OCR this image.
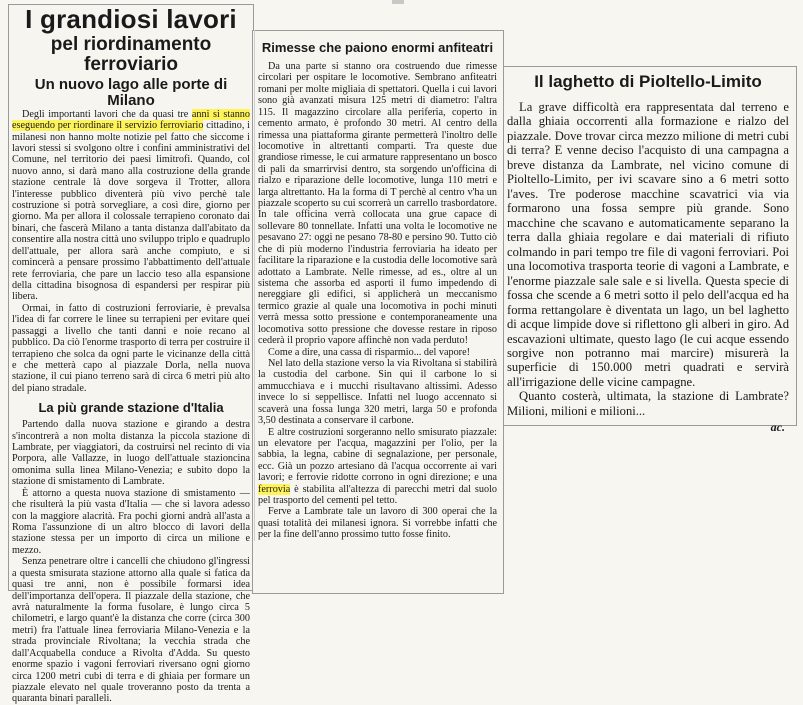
I grandiosi lavori
pel riordinamento ferroviario
Un nuovo lago alle porte di Milano

Degli importanti lavori che da quasi tre anni si stanno eseguendo per riordinare il servizio ferroviario cittadino, i milanesi non hanno molte notizie pel fatto che siccome i lavori stessi si svolgono oltre i confini amministrativi del Comune, nel territorio dei paesi limitrofi. Quando, col nuovo anno, si darà mano alla costruzione della grande stazione centrale là dove sorgeva il Trotter, allora l'interesse pubblico diventerà più vivo perchè tale costruzione si potrà sorvegliare, a così dire, giorno per giorno. Ma per allora il colossale terrapieno coronato dai binari, che fascerà Milano a tanta distanza dall'abitato da consentire alla nostra città uno sviluppo triplo e quadruplo dell'attuale, per allora sarà anche compiuto, e si comincerà a pensare prossimo l'abbattimento dell'attuale rete ferroviaria, che pare un laccio teso alla espansione della cittadina bisognosa di espandersi per respirar più libera.

Ormai, in fatto di costruzioni ferroviarie, è prevalsa l'idea di far correre le linee su terrapieni per evitare quei passaggi a livello che tanti danni e noie recano al pubblico. Da ciò l'enorme trasporto di terra per costruire il terrapieno che solca da ogni parte le vicinanze della città e che metterà capo al piazzale Dorla, nella nuova stazione, il cui piano terreno sarà di circa 6 metri più alto del piano stradale.

La più grande stazione d'Italia

Partendo dalla nuova stazione e girando a destra s'incontrerà a non molta distanza la piccola stazione di Lambrate, per viaggiatori, da costruirsi nel recinto di via Porpora, alle Vallazze, in luogo dell'attuale stazioncina omonima sulla linea Milano-Venezia; e subito dopo la stazione di smistamento di Lambrate.

È attorno a questa nuova stazione di smistamento — che risulterà la più vasta d'Italia — che si lavora adesso con la maggiore alacrità. Fra pochi giorni andrà all'asta a Roma l'assunzione di un altro blocco di lavori della stazione stessa per un importo di circa un milione e mezzo.

Senza penetrare oltre i cancelli che chiudono gl'ingressi a questa smisurata stazione attorno alla quale si fatica da quasi tre anni, non è possibile formarsi idea dell'importanza dell'opera. Il piazzale della stazione, che avrà naturalmente la forma fusolare, è lungo circa 5 chilometri, e largo quant'è la distanza che corre (circa 300 metri) fra l'attuale linea ferroviaria Milano-Venezia e la strada provinciale Rivoltana; la vecchia strada che dall'Acquabella conduce a Rivolta d'Adda. Su questo enorme spazio i vagoni ferroviari riversano ogni giorno circa 1200 metri cubi di terra e di ghiaia per formare un piazzale elevato nel quale troveranno posto da trenta a quaranta binari paralleli.

Rimesse che paiono enormi anfiteatri

Da una parte si stanno ora costruendo due rimesse circolari per ospitare le locomotive. Sembrano anfiteatri romani per molte migliaia di spettatori. Quella i cui lavori sono già avanzati misura 125 metri di diametro: l'altra 115. Il magazzino circolare alla periferia, coperto in cemento armato, è profondo 30 metri. Al centro della rimessa una piattaforma girante permetterà l'inoltro delle locomotive in altrettanti comparti. Tra queste due grandiose rimesse, le cui armature rappresentano un bosco di pali da smarrirvisi dentro, sta sorgendo un'officina di rialzo e riparazione delle locomotive, lunga 110 metri e larga altrettanto. Ha la forma di T perchè al centro v'ha un piazzale scoperto su cui scorrerà un carrello trasbordatore. In tale officina verrà collocata una grue capace di sollevare 80 tonnellate. Infatti una volta le locomotive ne pesavano 27: oggi ne pesano 78-80 e persino 90. Tutto ciò che di più moderno l'industria ferroviaria ha ideato per facilitare la riparazione e la custodia delle locomotive sarà adottato a Lambrate. Nelle rimesse, ad es., oltre al un sistema che assorba ed asporti il fumo impedendo di nereggiare gli edifici, si applicherà un meccanismo termico grazie al quale una locomotiva in pochi minuti verrà messa sotto pressione e contemporaneamente una locomotiva sotto pressione che dovesse restare in riposo cederà il proprio vapore affinchè non vada perduto!

Come a dire, una cassa di risparmio... del vapore!

Nel lato della stazione verso la via Rivoltana si stabilirà la custodia del carbone. Sin qui il carbone lo si ammucchiava e i mucchi risultavano altissimi. Adesso invece lo si seppellisce. Infatti nel luogo accennato si scaverà una fossa lunga 320 metri, larga 50 e profonda 3,50 destinata a conservare il carbone.

E altre costruzioni sorgeranno nello smisurato piazzale: un elevatore per l'acqua, magazzini per l'olio, per la sabbia, la legna, cabine di segnalazione, per personale, ecc. Già un pozzo artesiano dà l'acqua occorrente ai vari lavori; e ferrovie ridotte corrono in ogni direzione; e una ferrovia è stabilita all'altezza di parecchi metri dal suolo pel trasporto del cementi pel tetto.

Ferve a Lambrate tale un lavoro di 300 operai che la quasi totalità dei milanesi ignora. Si vorrebbe infatti che per la fine dell'anno prossimo tutto fosse finito.

Il laghetto di Pioltello-Limito

La grave difficoltà era rappresentata dal terreno e dalla ghiaia occorrenti alla formazione e rialzo del piazzale. Dove trovar circa mezzo milione di metri cubi di terra? E venne deciso l'acquisto di una campagna a breve distanza da Lambrate, nel vicino comune di Pioltello-Limito, per ivi scavare sino a 6 metri sotto l'aves. Tre poderose macchine scavatrici via via formarono una fossa sempre più grande. Sono macchine che scavano e automaticamente separano la terra dalla ghiaia regolare e dai materiali di rifiuto colmando in pari tempo tre file di vagoni ferroviari. Poi una locomotiva trasporta teorie di vagoni a Lambrate, e l'enorme piazzale sale sale e si livella. Questa specie di fossa che scende a 6 metri sotto il pelo dell'acqua ed ha forma rettangolare è diventata un lago, un bel laghetto di acque limpide dove si riflettono gli alberi in giro. Ad escavazioni ultimate, questo lago (le cui acque essendo sorgive non potranno mai marcire) misurerà la superficie di 150.000 metri quadrati e servirà all'irrigazione delle vicine campagne.

Quanto costerà, ultimata, la stazione di Lambrate? Milioni, milioni e milioni...

ac.
